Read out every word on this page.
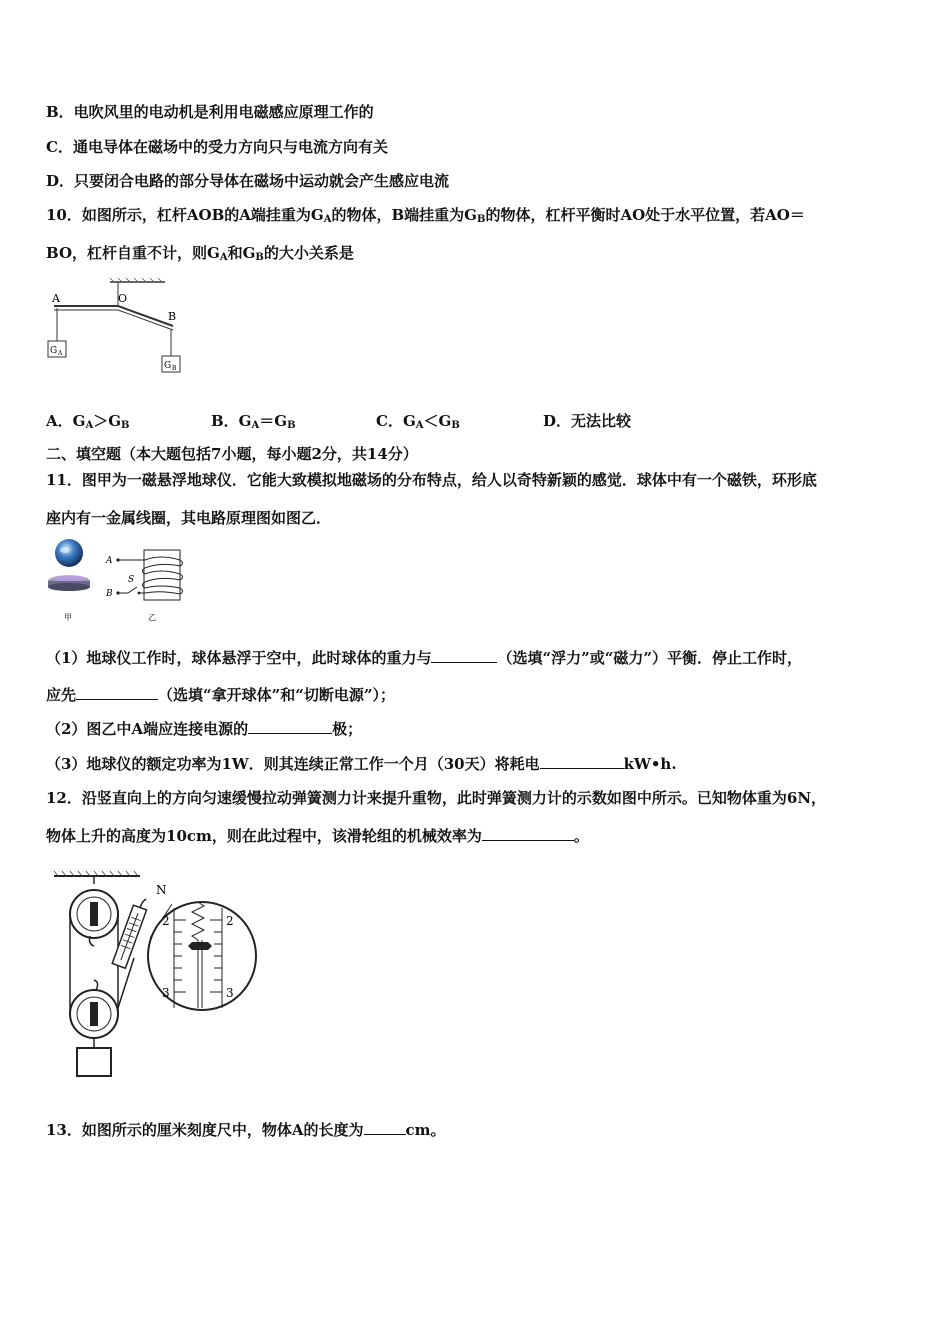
B．电吹风里的电动机是利用电磁感应原理工作的
C．通电导体在磁场中的受力方向只与电流方向有关
D．只要闭合电路的部分导体在磁场中运动就会产生感应电流
10．如图所示，杠杆AOB的A端挂重为$G_A$的物体，B端挂重为$G_B$的物体，杠杆平衡时AO处于水平位置，若AO＝
BO，杠杆自重不计，则$G_A$和$G_B$的大小关系是
A	O
B
G A
G B
A．$G_A>G_B$	B．$G_A=G_B$	C．$G_A<G_B$	D．无法比较
二、填空题（本大题包括7小题，每小题2分，共14分）
11．图甲为一磁悬浮地球仪．它能大致模拟地磁场的分布特点，给人以奇特新颖的感觉．球体中有一个磁铁，环形底
座内有一金属线圈，其电路原理图如图乙．
甲
A
B
S
乙
（1）地球仪工作时，球体悬浮于空中，此时球体的重力与	（选填“浮力”或“磁力”）平衡．停止工作时，
应先	（选填“拿开球体”和“切断电源”）；
（2）图乙中A端应连接电源的	极；
（3）地球仪的额定功率为1W．则其连续正常工作一个月（30天）将耗电	kW•h.
12．沿竖直向上的方向匀速缓慢拉动弹簧测力计来提升重物，此时弹簧测力计的示数如图中所示。已知物体重为6N，
物体上升的高度为10cm，则在此过程中，该滑轮组的机械效率为	。
N
2	2
3	3
13．如图所示的厘米刻度尺中，物体A的长度为	cm。
